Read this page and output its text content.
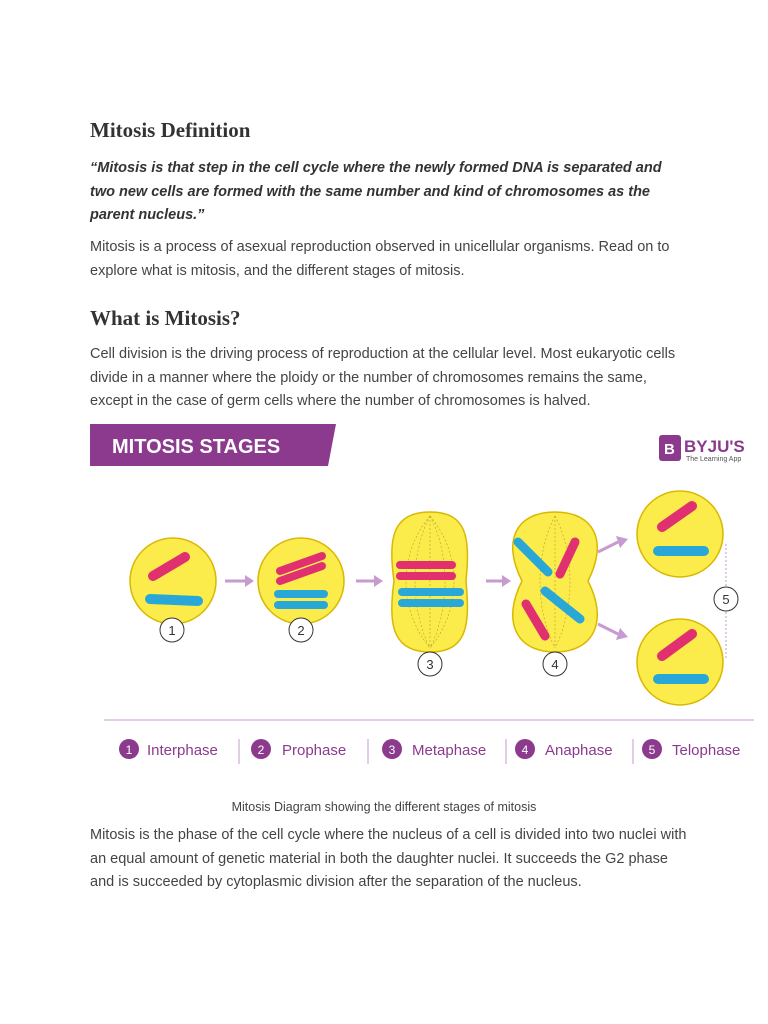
Mitosis Definition

“Mitosis is that step in the cell cycle where the newly formed DNA is separated and two new cells are formed with the same number and kind of chromosomes as the parent nucleus.”

Mitosis is a process of asexual reproduction observed in unicellular organisms. Read on to explore what is mitosis, and the different stages of mitosis.

What is Mitosis?

Cell division is the driving process of reproduction at the cellular level. Most eukaryotic cells divide in a manner where the ploidy or the number of chromosomes remains the same, except in the case of germ cells where the number of chromosomes is halved.

Mitosis is the phase of the cell cycle where the nucleus of a cell is divided into two nuclei with an equal amount of genetic material in both the daughter nuclei. It succeeds the G2 phase and is succeeded by cytoplasmic division after the separation of the nucleus.

MITOSIS STAGES	B BYJU'S
The Learning App
1	2
3	4
5
1 Interphase	2 Prophase	3 Metaphase	4 Anaphase	5 Telophase
Mitosis Diagram showing the different stages of mitosis
